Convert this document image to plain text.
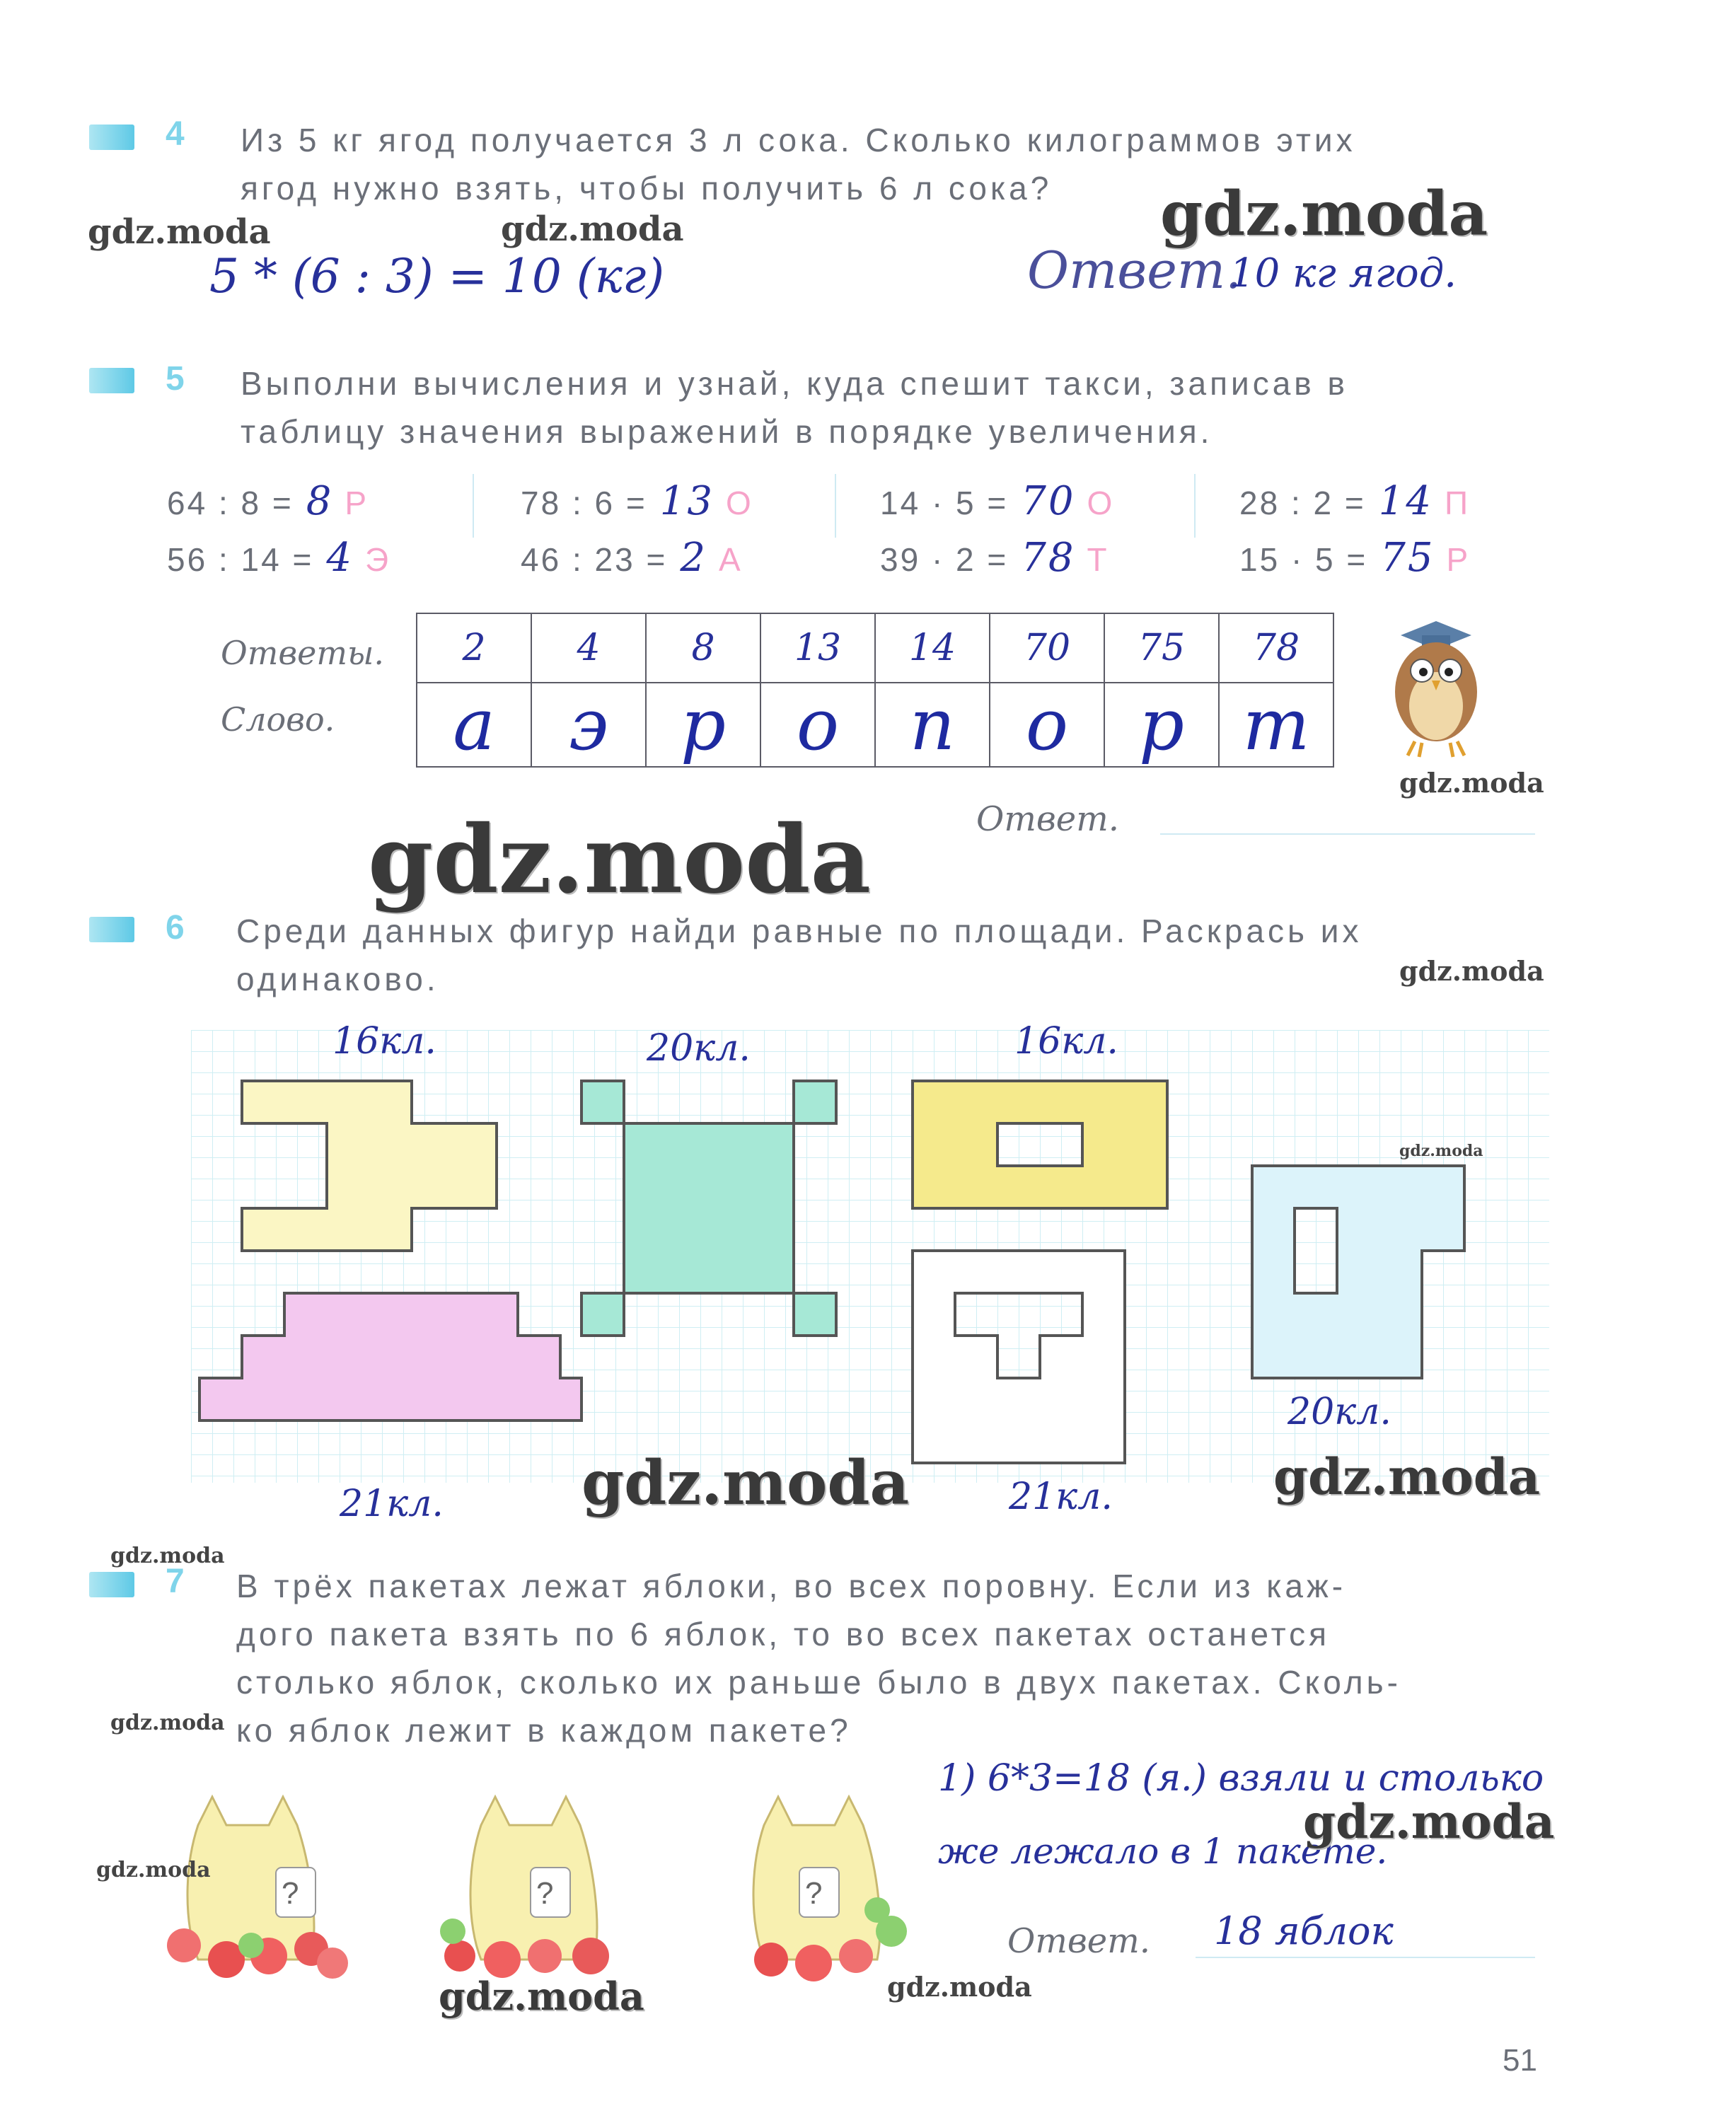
4 Из 5 кг ягод получается 3 л сока. Сколько килограммов этих
ягод нужно взять, чтобы получить 6 л сока?
5 * (6 : 3) = 10 (кг)	Ответ.
10 кг ягод.
5 Выполни вычисления и узнай, куда спешит такси, записав в
таблицу значения выражений в порядке увеличения.
64 : 8 = 8 Р
56 : 14 = 4 Э
78 : 6 = 13 О
46 : 23 = 2 А
14 · 5 = 70 О
39 · 2 = 78 Т
28 : 2 = 14 П
15 · 5 = 75 Р
Ответы.
Слово.
2	4	8	13	14	70	75	78
а	э	р	о	п	о	р	т
Ответ.
6 Среди данных фигур найди равные по площади. Раскрась их
одинаково.
16кл.	20кл.	16кл.
21кл.	21кл.
20кл.
7 В трёх пакетах лежат яблоки, во всех поровну. Если из каж-
дого пакета взять по 6 яблок, то во всех пакетах останется
столько яблок, сколько их раньше было в двух пакетах. Сколь-
ко яблок лежит в каждом пакете?
1) 6*3=18 (я.) взяли и столько
же лежало в 1 пакете.
Ответ. 18 яблок
?	?	?
gdz.moda	gdz.moda	gdz.moda
gdz.moda
gdz.moda
gdz.moda
gdz.moda
gdz.moda	gdz.moda
gdz.moda
gdz.moda
gdz.moda
gdz.moda
gdz.moda	gdz.moda
51
